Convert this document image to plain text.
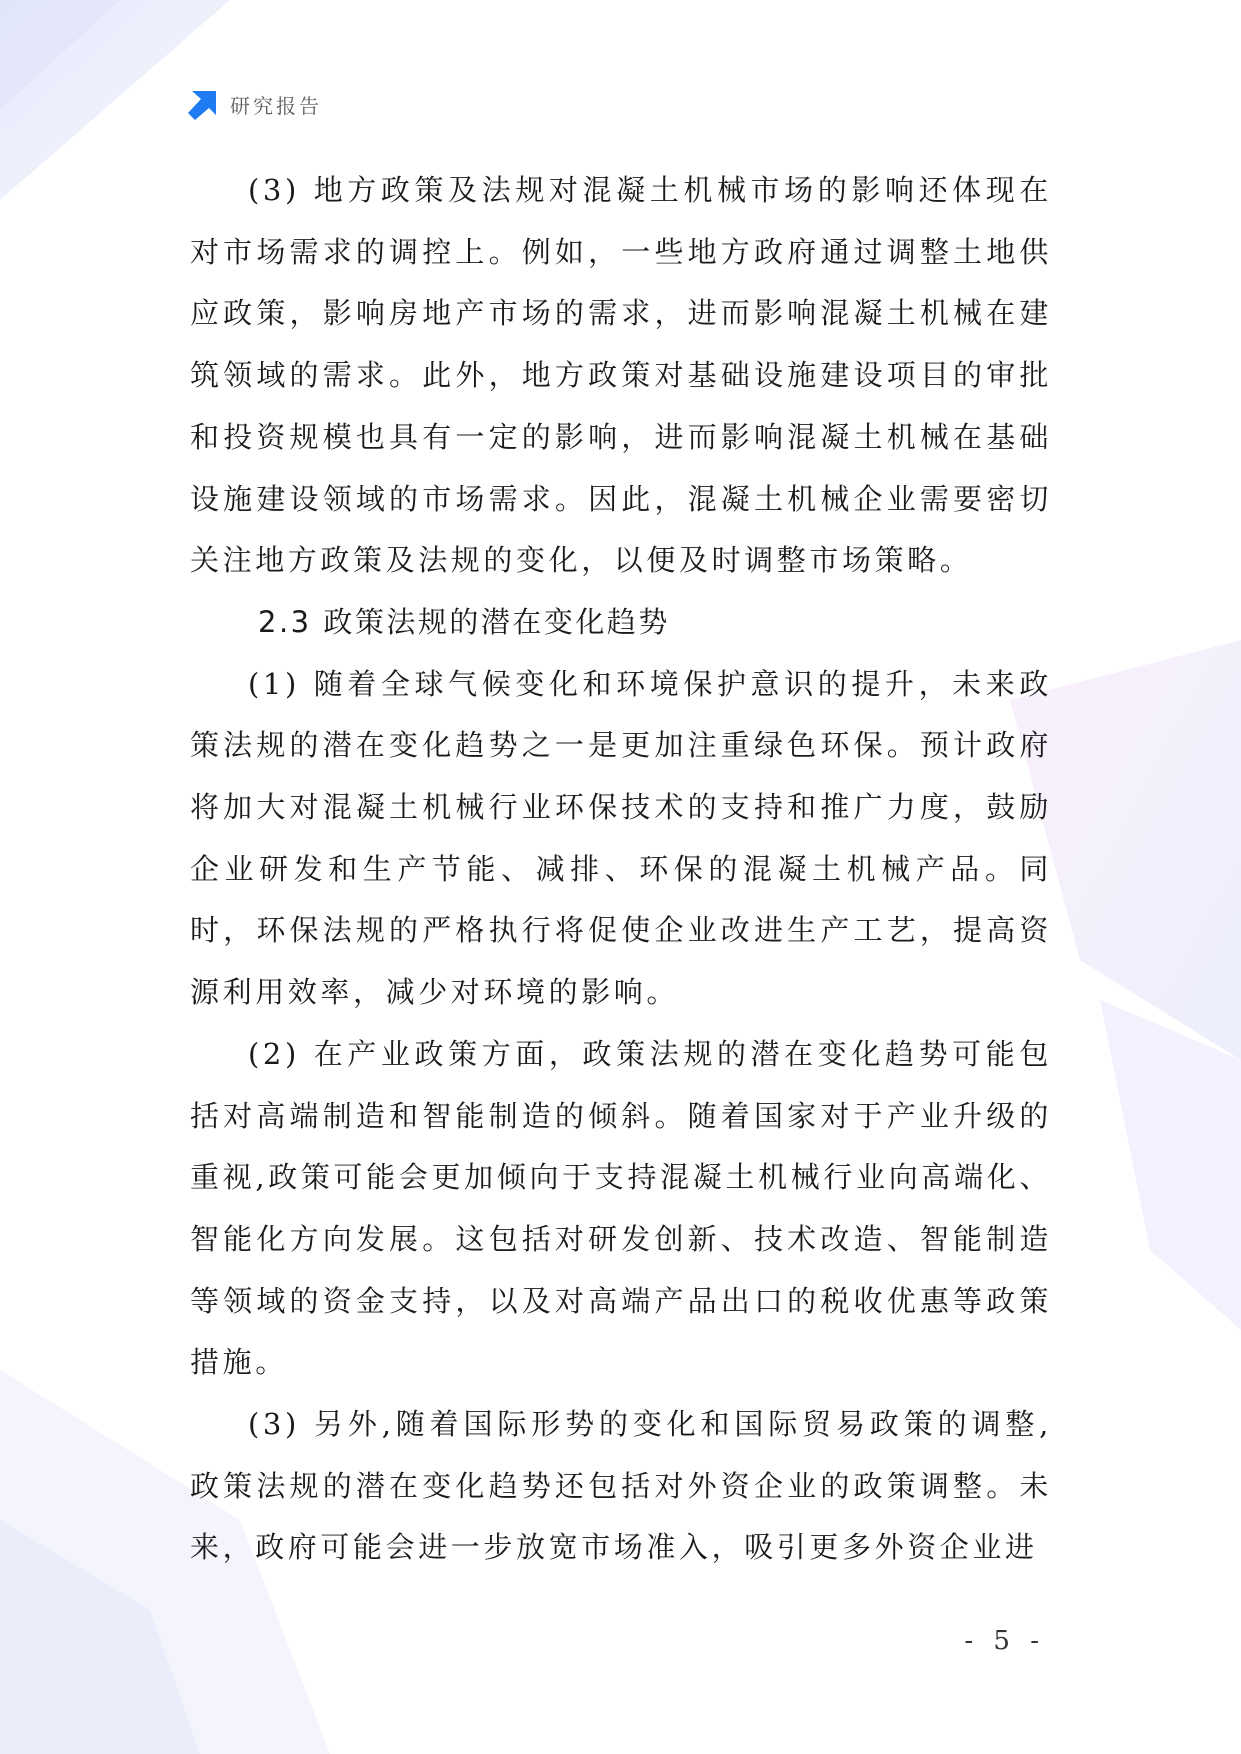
研究报告

(3) 地方政策及法规对混凝土机械市场的影响还体现在对市场需求的调控上。例如，一些地方政府通过调整土地供应政策，影响房地产市场的需求，进而影响混凝土机械在建筑领域的需求。此外，地方政策对基础设施建设项目的审批和投资规模也具有一定的影响，进而影响混凝土机械在基础设施建设领域的市场需求。因此，混凝土机械企业需要密切关注地方政策及法规的变化，以便及时调整市场策略。

2.3 政策法规的潜在变化趋势

(1) 随着全球气候变化和环境保护意识的提升，未来政策法规的潜在变化趋势之一是更加注重绿色环保。预计政府将加大对混凝土机械行业环保技术的支持和推广力度，鼓励企业研发和生产节能、减排、环保的混凝土机械产品。同时，环保法规的严格执行将促使企业改进生产工艺，提高资源利用效率，减少对环境的影响。

(2) 在产业政策方面，政策法规的潜在变化趋势可能包括对高端制造和智能制造的倾斜。随着国家对于产业升级的重视,政策可能会更加倾向于支持混凝土机械行业向高端化、智能化方向发展。这包括对研发创新、技术改造、智能制造等领域的资金支持，以及对高端产品出口的税收优惠等政策措施。

(3) 另外,随着国际形势的变化和国际贸易政策的调整,政策法规的潜在变化趋势还包括对外资企业的政策调整。未来，政府可能会进一步放宽市场准入，吸引更多外资企业进

- 5 -
